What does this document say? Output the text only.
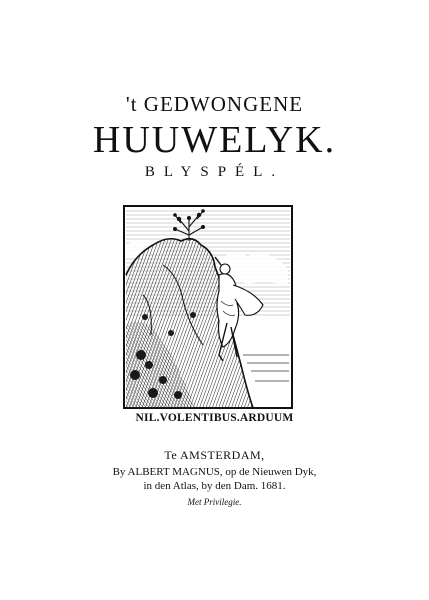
't GEDWONGENE
HUUWELYK.
BLYSPÉL.
NIL.VOLENTIBUS.ARDUUM
Te AMSTERDAM,
By ALBERT MAGNUS, op de Nieuwen Dyk,
in den Atlas, by den Dam. 1681.
Met Privilegie.
